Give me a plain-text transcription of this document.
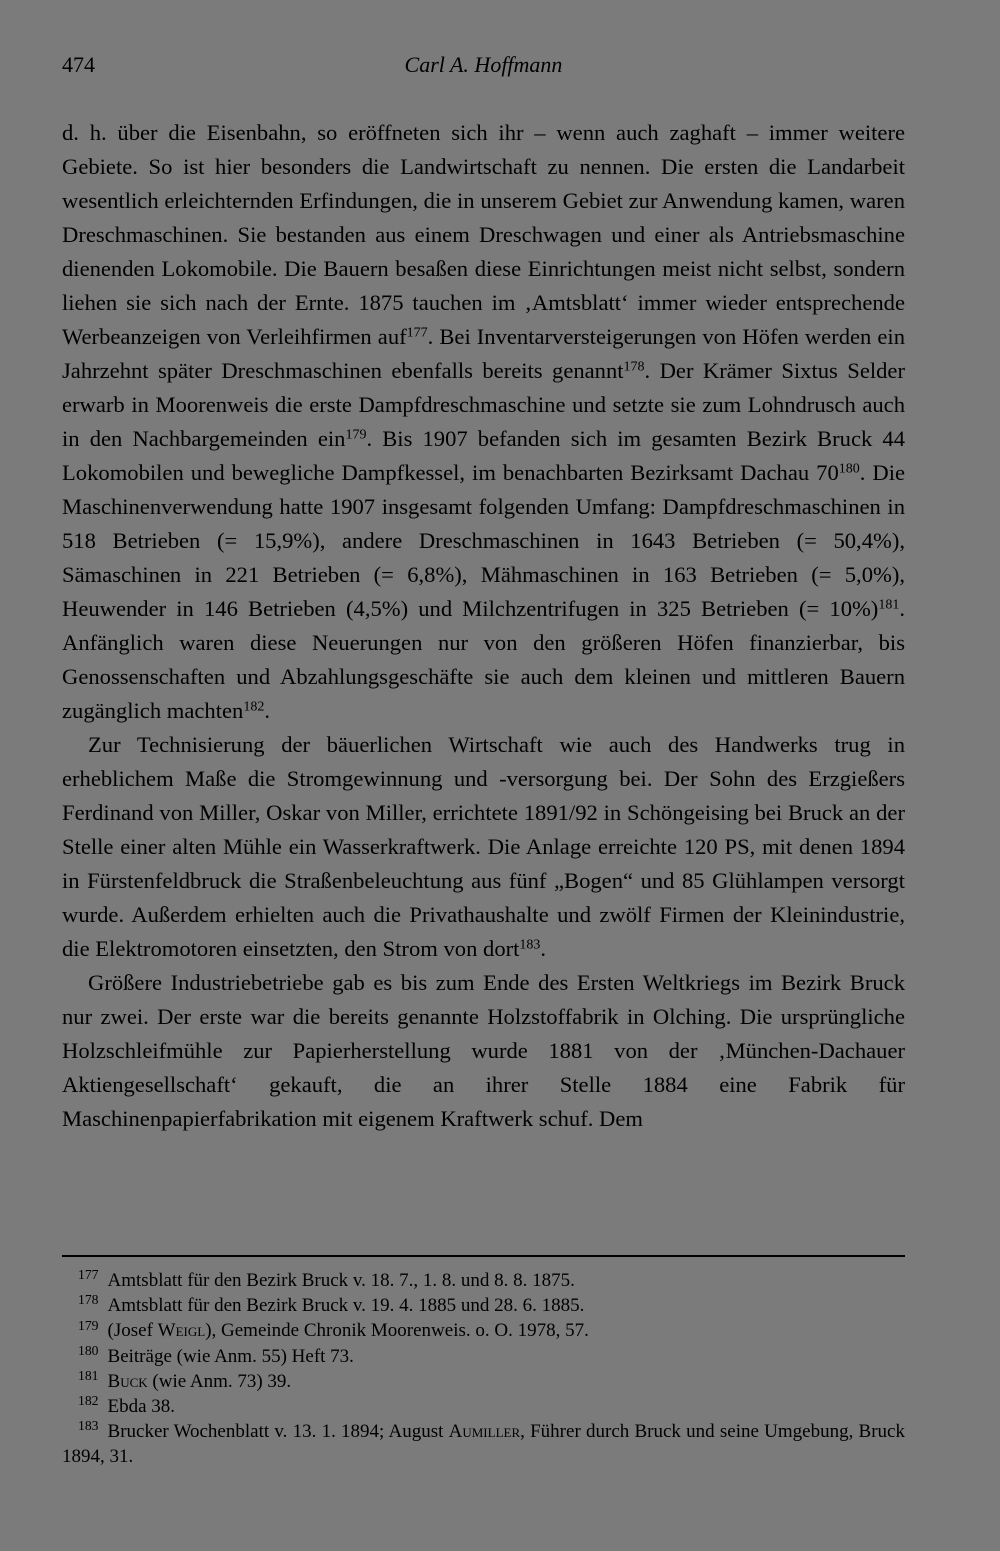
474	Carl A. Hoffmann

d. h. über die Eisenbahn, so eröffneten sich ihr – wenn auch zaghaft – immer weitere Gebiete. So ist hier besonders die Landwirtschaft zu nennen. Die ersten die Landarbeit wesentlich erleichternden Erfindungen, die in unserem Gebiet zur Anwendung kamen, waren Dreschmaschinen. Sie bestanden aus einem Dreschwagen und einer als Antriebsmaschine dienenden Lokomobile. Die Bauern besaßen diese Einrichtungen meist nicht selbst, sondern liehen sie sich nach der Ernte. 1875 tauchen im ‚Amtsblatt‘ immer wieder entsprechende Werbeanzeigen von Verleihfirmen auf$^{177}$. Bei Inventarversteigerungen von Höfen werden ein Jahrzehnt später Dreschmaschinen ebenfalls bereits genannt$^{178}$. Der Krämer Sixtus Selder erwarb in Moorenweis die erste Dampfdreschmaschine und setzte sie zum Lohndrusch auch in den Nachbargemeinden ein$^{179}$. Bis 1907 befanden sich im gesamten Bezirk Bruck 44 Lokomobilen und bewegliche Dampfkessel, im benachbarten Bezirksamt Dachau $70^{180}$. Die Maschinenverwendung hatte 1907 insgesamt folgenden Umfang: Dampfdreschmaschinen in 518 Betrieben (= 15,9%), andere Dreschmaschinen in 1643 Betrieben (= 50,4%), Sämaschinen in 221 Betrieben (= 6,8%), Mähmaschinen in 163 Betrieben (= 5,0%), Heuwender in 146 Betrieben (4,5%) und Milchzentrifugen in 325 Betrieben (= 10%)$^{181}$. Anfänglich waren diese Neuerungen nur von den größeren Höfen finanzierbar, bis Genossenschaften und Abzahlungsgeschäfte sie auch dem kleinen und mittleren Bauern zugänglich machten$^{182}$.

Zur Technisierung der bäuerlichen Wirtschaft wie auch des Handwerks trug in erheblichem Maße die Stromgewinnung und -versorgung bei. Der Sohn des Erzgießers Ferdinand von Miller, Oskar von Miller, errichtete 1891/92 in Schöngeising bei Bruck an der Stelle einer alten Mühle ein Wasserkraftwerk. Die Anlage erreichte 120 PS, mit denen 1894 in Fürstenfeldbruck die Straßenbeleuchtung aus fünf „Bogen“ und 85 Glühlampen versorgt wurde. Außerdem erhielten auch die Privathaushalte und zwölf Firmen der Kleinindustrie, die Elektromotoren einsetzten, den Strom von dort$^{183}$.

Größere Industriebetriebe gab es bis zum Ende des Ersten Weltkriegs im Bezirk Bruck nur zwei. Der erste war die bereits genannte Holzstoffabrik in Olching. Die ursprüngliche Holzschleifmühle zur Papierherstellung wurde 1881 von der ‚München-Dachauer Aktiengesellschaft‘ gekauft, die an ihrer Stelle 1884 eine Fabrik für Maschinenpapierfabrikation mit eigenem Kraftwerk schuf. Dem

$^{177}$ Amtsblatt für den Bezirk Bruck v. 18. 7., 1. 8. und 8. 8. 1875.

$^{178}$ Amtsblatt für den Bezirk Bruck v. 19. 4. 1885 und 28. 6. 1885.

$^{179}$ (Josef Weigl), Gemeinde Chronik Moorenweis. o. O. 1978, 57.

$^{180}$ Beiträge (wie Anm. 55) Heft 73.

$^{181}$ Buck (wie Anm. 73) 39.

$^{182}$ Ebda 38.

$^{183}$ Brucker Wochenblatt v. 13. 1. 1894; August Aumiller, Führer durch Bruck und seine Umgebung, Bruck 1894, 31.
